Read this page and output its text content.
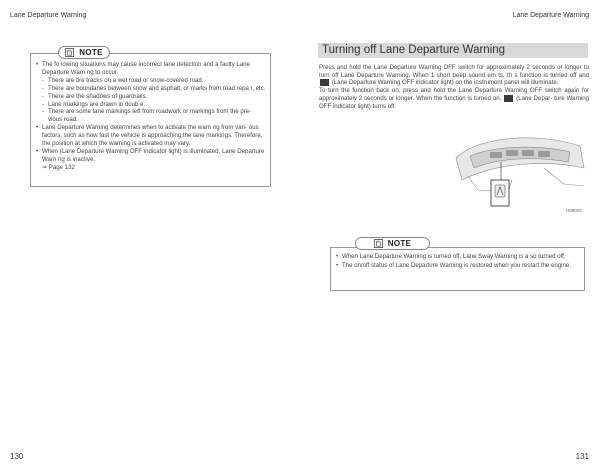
Lane Departure Warning	Lane Departure Warning
NOTE
• The fo lowing situations may cause incorrect lane detection and a faulty Lane Departure Warn ng to occur.
- There are tire tracks on a wet road or snow-covered road.
- There are boundaries between snow and asphalt, or marks from road repa r, etc.
- There are the shadows of guardrails.
- Lane markings are drawn in doub e.
- There are some lane markings left from roadwork or markings from the pre- vious road.
• Lane Departure Warning determines when to activate the warn ng from vari- ous factors, such as how fast the vehicle is approaching the lane markings. Therefore, the position at which the warning is activated may vary.
• When (Lane Departure Warning OFF indicator light) is illuminated, Lane Departure Warn ng is inactive.
⇒ Page 132
Turning off Lane Departure Warning
Press and hold the Lane Departure Warning OFF switch for approximately 2 seconds or longer to turn off Lane Departure Warning. When 1 short beep sound em ts, th s function is turned off and  (Lane Departure Warning OFF indicator light) on the instrument panel will illuminate.
To turn the function back on, press and hold the Lane Departure Warning OFF switch again for approximately 2 seconds or longer. When the function is turned on, (Lane Depar- ture Warning OFF indicator light) turns off.
H08004
NOTE
• When Lane Departure Warning is turned off, Lane Sway Warning is a so turned off.
• The on/off status of Lane Departure Warning is restored when you restart the engine.
130	131
